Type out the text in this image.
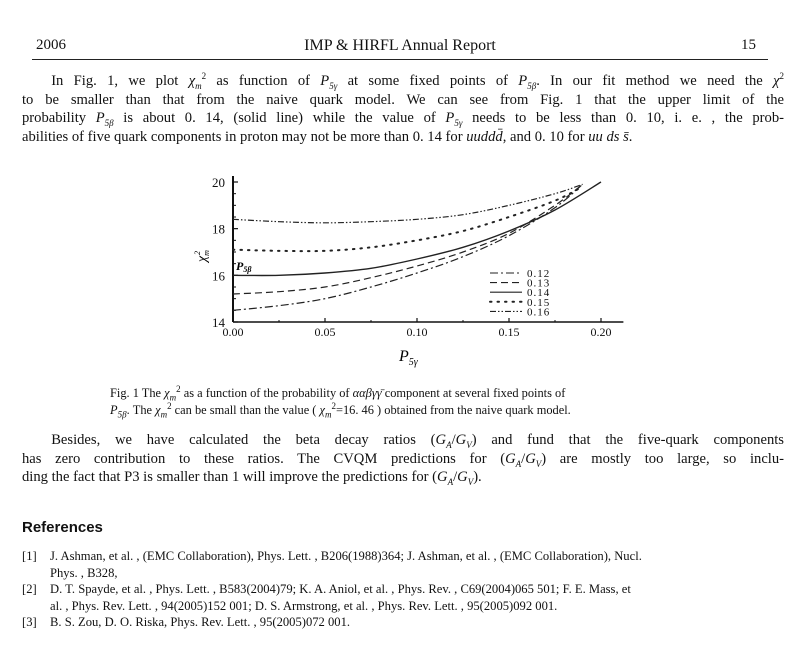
2006	IMP & HIRFL Annual Report	15
  In Fig. 1, we plot $\chi_m^2$ as function of $P_{5\gamma}$ at some fixed points of $P_{5\beta}$. In our fit method we need the $\chi^2$
to be smaller than that from the naive quark model. We can see from Fig. 1 that the upper limit of the
probability $P_{5\beta}$ is about 0. 14, (solid line) while the value of $P_{5\gamma}$ needs to be less than 0. 10, i. e. , the prob-
abilities of five quark components in proton may not be more than 0. 14 for uuddd̄, and 0. 10 for uu ds s̄.
0.00	0.05	0.10	0.15	0.20
14
16
18
20
0.12
0.13
0.14
0.15
0.16
$\chi_m2$
$P_{5\gamma}$
P5β
Fig. 1 The $\chi_m^2$ as a function of the probability of ααβγγ̄ component at several fixed points of
$P_{5\beta}$. The $\chi_m^2$ can be small than the value ( $\chi_m^2=16$. 46 ) obtained from the naive quark model.
  Besides, we have calculated the beta decay ratios $(G_A/G_V)$ and fund that the five-quark components
has zero contribution to these ratios. The CVQM predictions for $(G_A/G_V)$ are mostly too large, so inclu-
ding the fact that P3 is smaller than 1 will improve the predictions for $(G_A/G_V)$.
References
[1] J. Ashman, et al. , (EMC Collaboration), Phys. Lett. , B206(1988)364; J. Ashman, et al. , (EMC Collaboration), Nucl.
Phys. , B328,
[2] D. T. Spayde, et al. , Phys. Lett. , B583(2004)79; K. A. Aniol, et al. , Phys. Rev. , C69(2004)065 501; F. E. Mass, et
al. , Phys. Rev. Lett. , 94(2005)152 001; D. S. Armstrong, et al. , Phys. Rev. Lett. , 95(2005)092 001.
[3] B. S. Zou, D. O. Riska, Phys. Rev. Lett. , 95(2005)072 001.
